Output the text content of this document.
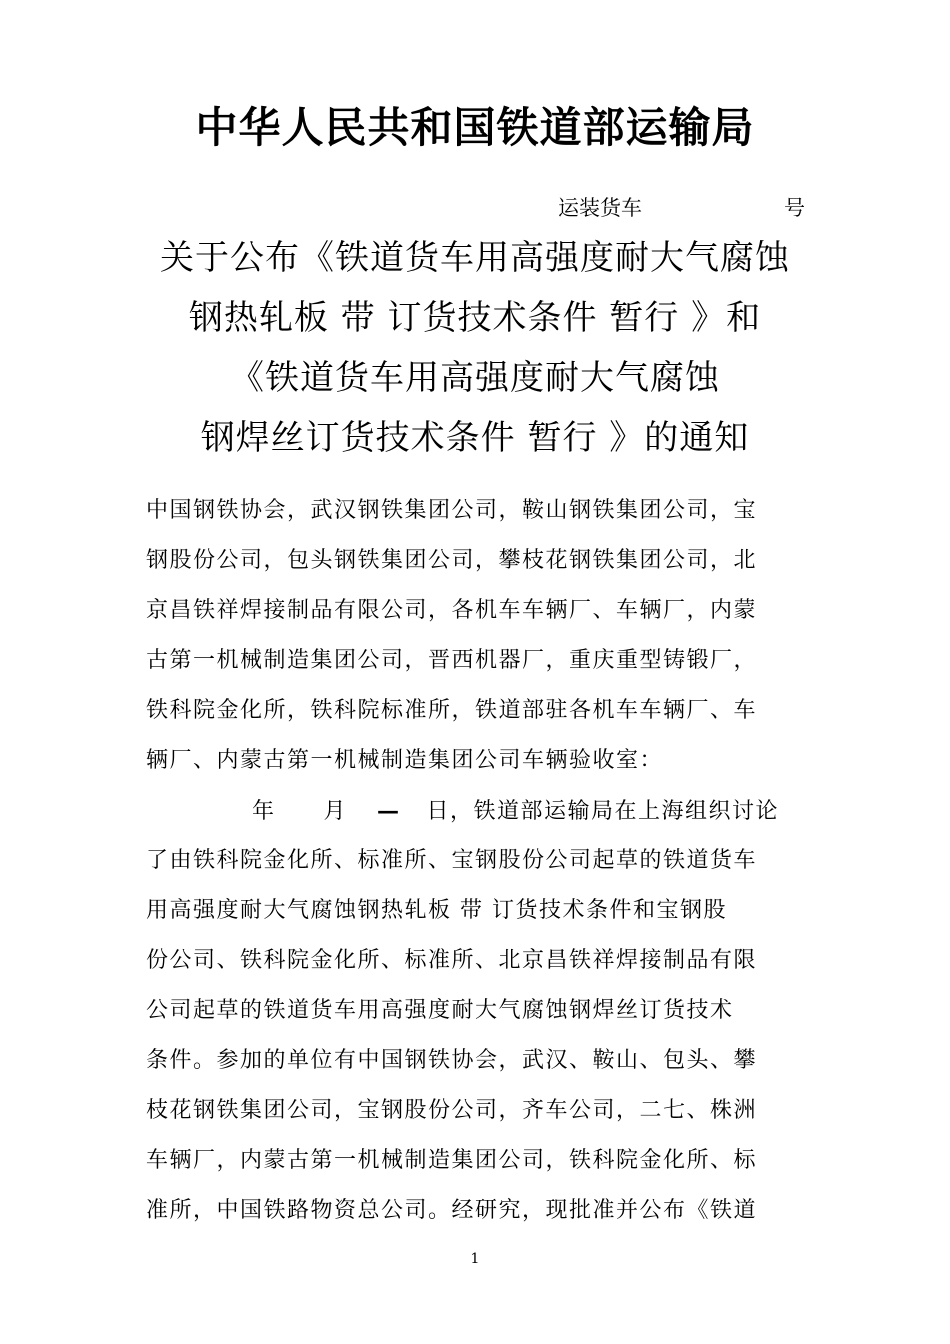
中华人民共和国铁道部运输局
运装货车	号
关于公布《铁道货车用高强度耐大气腐蚀
钢热轧板 带 订货技术条件 暂行 》和
《铁道货车用高强度耐大气腐蚀
钢焊丝订货技术条件 暂行 》的通知
中国钢铁协会，武汉钢铁集团公司，鞍山钢铁集团公司，宝
钢股份公司，包头钢铁集团公司，攀枝花钢铁集团公司，北
京昌铁祥焊接制品有限公司，各机车车辆厂、车辆厂，内蒙
古第一机械制造集团公司，晋西机器厂，重庆重型铸锻厂，
铁科院金化所，铁科院标准所，铁道部驻各机车车辆厂、车
辆厂、内蒙古第一机械制造集团公司车辆验收室：
年 月 — 日，铁道部运输局在上海组织讨论
了由铁科院金化所、标准所、宝钢股份公司起草的铁道货车
用高强度耐大气腐蚀钢热轧板 带 订货技术条件和宝钢股
份公司、铁科院金化所、标准所、北京昌铁祥焊接制品有限
公司起草的铁道货车用高强度耐大气腐蚀钢焊丝订货技术
条件。参加的单位有中国钢铁协会，武汉、鞍山、包头、攀
枝花钢铁集团公司，宝钢股份公司，齐车公司，二七、株洲
车辆厂，内蒙古第一机械制造集团公司，铁科院金化所、标
准所，中国铁路物资总公司。经研究，现批准并公布《铁道
1
